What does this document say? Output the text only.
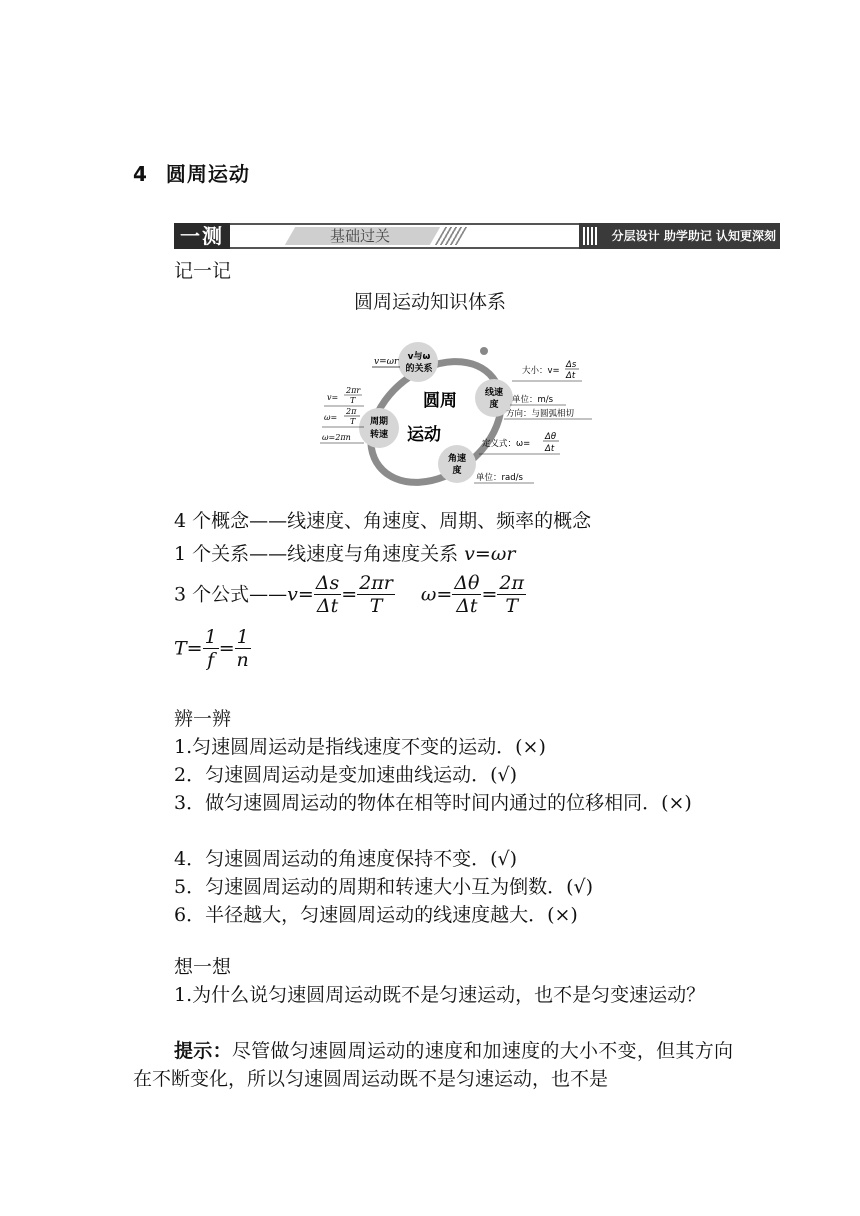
4 圆周运动
基础过关
一测	分层设计 助学助记 认知更深刻
记一记
圆周运动知识体系
圆周
运动
v与ω
的关系
v=ωr
周期
转速
v=
2πr
T
ω=
2π
T
ω=2πn
线速
度
大小：v=
Δs
Δt
单位：m/s
方向：与圆弧相切
角速
度
定义式：ω=
Δθ
Δt
单位：rad/s
4 个概念——线速度、角速度、周期、频率的概念
1 个关系——线速度与角速度关系 v=ωr
3 个公式——v= $\frac{\Delta s}{\Delta t} = \frac{2\pi r}{T} \omega= \frac{\Delta\theta}{\Delta t} = \frac{2\pi}{T}$
$T= \frac{1}{f} = \frac{1}{n}$
辨一辨
1.匀速圆周运动是指线速度不变的运动．(×)
2．匀速圆周运动是变加速曲线运动．(√)
3．做匀速圆周运动的物体在相等时间内通过的位移相同．(×)
4．匀速圆周运动的角速度保持不变．(√)
5．匀速圆周运动的周期和转速大小互为倒数．(√)
6．半径越大，匀速圆周运动的线速度越大．(×)
想一想
1.为什么说匀速圆周运动既不是匀速运动，也不是匀变速运动？
提示：尽管做匀速圆周运动的速度和加速度的大小不变，但其方向在不断变化，所以匀速圆周运动既不是匀速运动，也不是
